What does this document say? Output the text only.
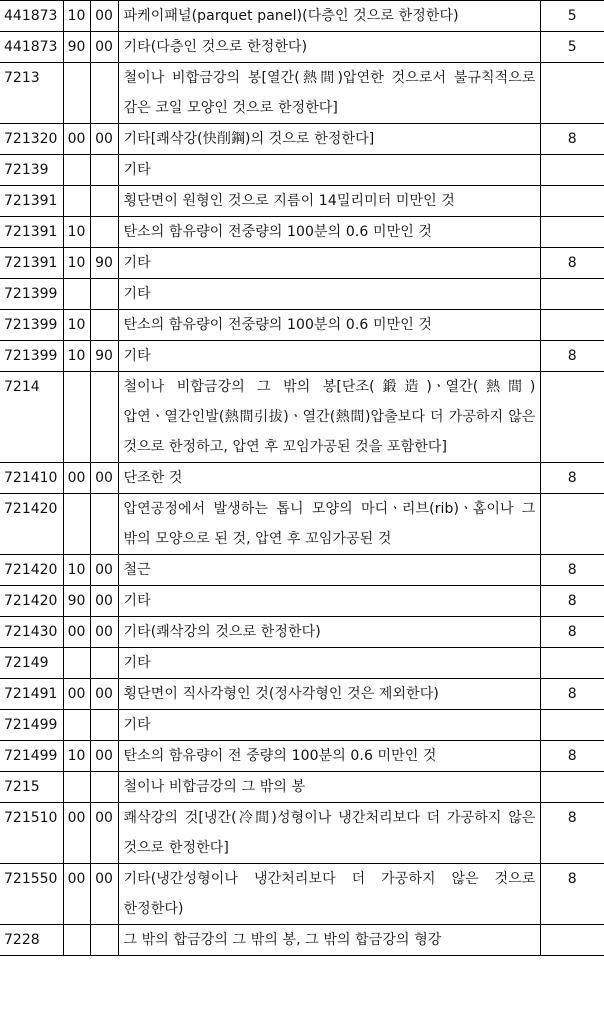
441873	10	00	파케이패널(parquet panel)(다층인 것으로 한정한다)	5
441873	90	00	기타(다층인 것으로 한정한다)	5
7213			철이나 비합금강의 봉[열간(熱間)압연한 것으로서 불규칙적으로 감은 코일 모양인 것으로 한정한다]	
721320	00	00	기타[쾌삭강(快削鋼)의 것으로 한정한다]	8
72139			기타	
721391			횡단면이 원형인 것으로 지름이 14밀리미터 미만인 것	
721391	10		탄소의 함유량이 전중량의 100분의 0.6 미만인 것	
721391	10	90	기타	8
721399			기타	
721399	10		탄소의 함유량이 전중량의 100분의 0.6 미만인 것	
721399	10	90	기타	8
7214			철이나 비합금강의 그 밖의 봉[단조(鍛造)ㆍ열간(熱間)압연ㆍ열간인발(熱間引拔)ㆍ열간(熱間)압출보다 더 가공하지 않은 것으로 한정하고, 압연 후 꼬임가공된 것을 포함한다]	
721410	00	00	단조한 것	8
721420			압연공정에서 발생하는 톱니 모양의 마디ㆍ리브(rib)ㆍ홈이나 그 밖의 모양으로 된 것, 압연 후 꼬임가공된 것	
721420	10	00	철근	8
721420	90	00	기타	8
721430	00	00	기타(쾌삭강의 것으로 한정한다)	8
72149			기타	
721491	00	00	횡단면이 직사각형인 것(정사각형인 것은 제외한다)	8
721499			기타	
721499	10	00	탄소의 함유량이 전 중량의 100분의 0.6 미만인 것	8
7215			철이나 비합금강의 그 밖의 봉	
721510	00	00	쾌삭강의 것[냉간(冷間)성형이나 냉간처리보다 더 가공하지 않은 것으로 한정한다]	8
721550	00	00	기타(냉간성형이나 냉간처리보다 더 가공하지 않은 것으로 한정한다)	8
7228			그 밖의 합금강의 그 밖의 봉, 그 밖의 합금강의 형강	
